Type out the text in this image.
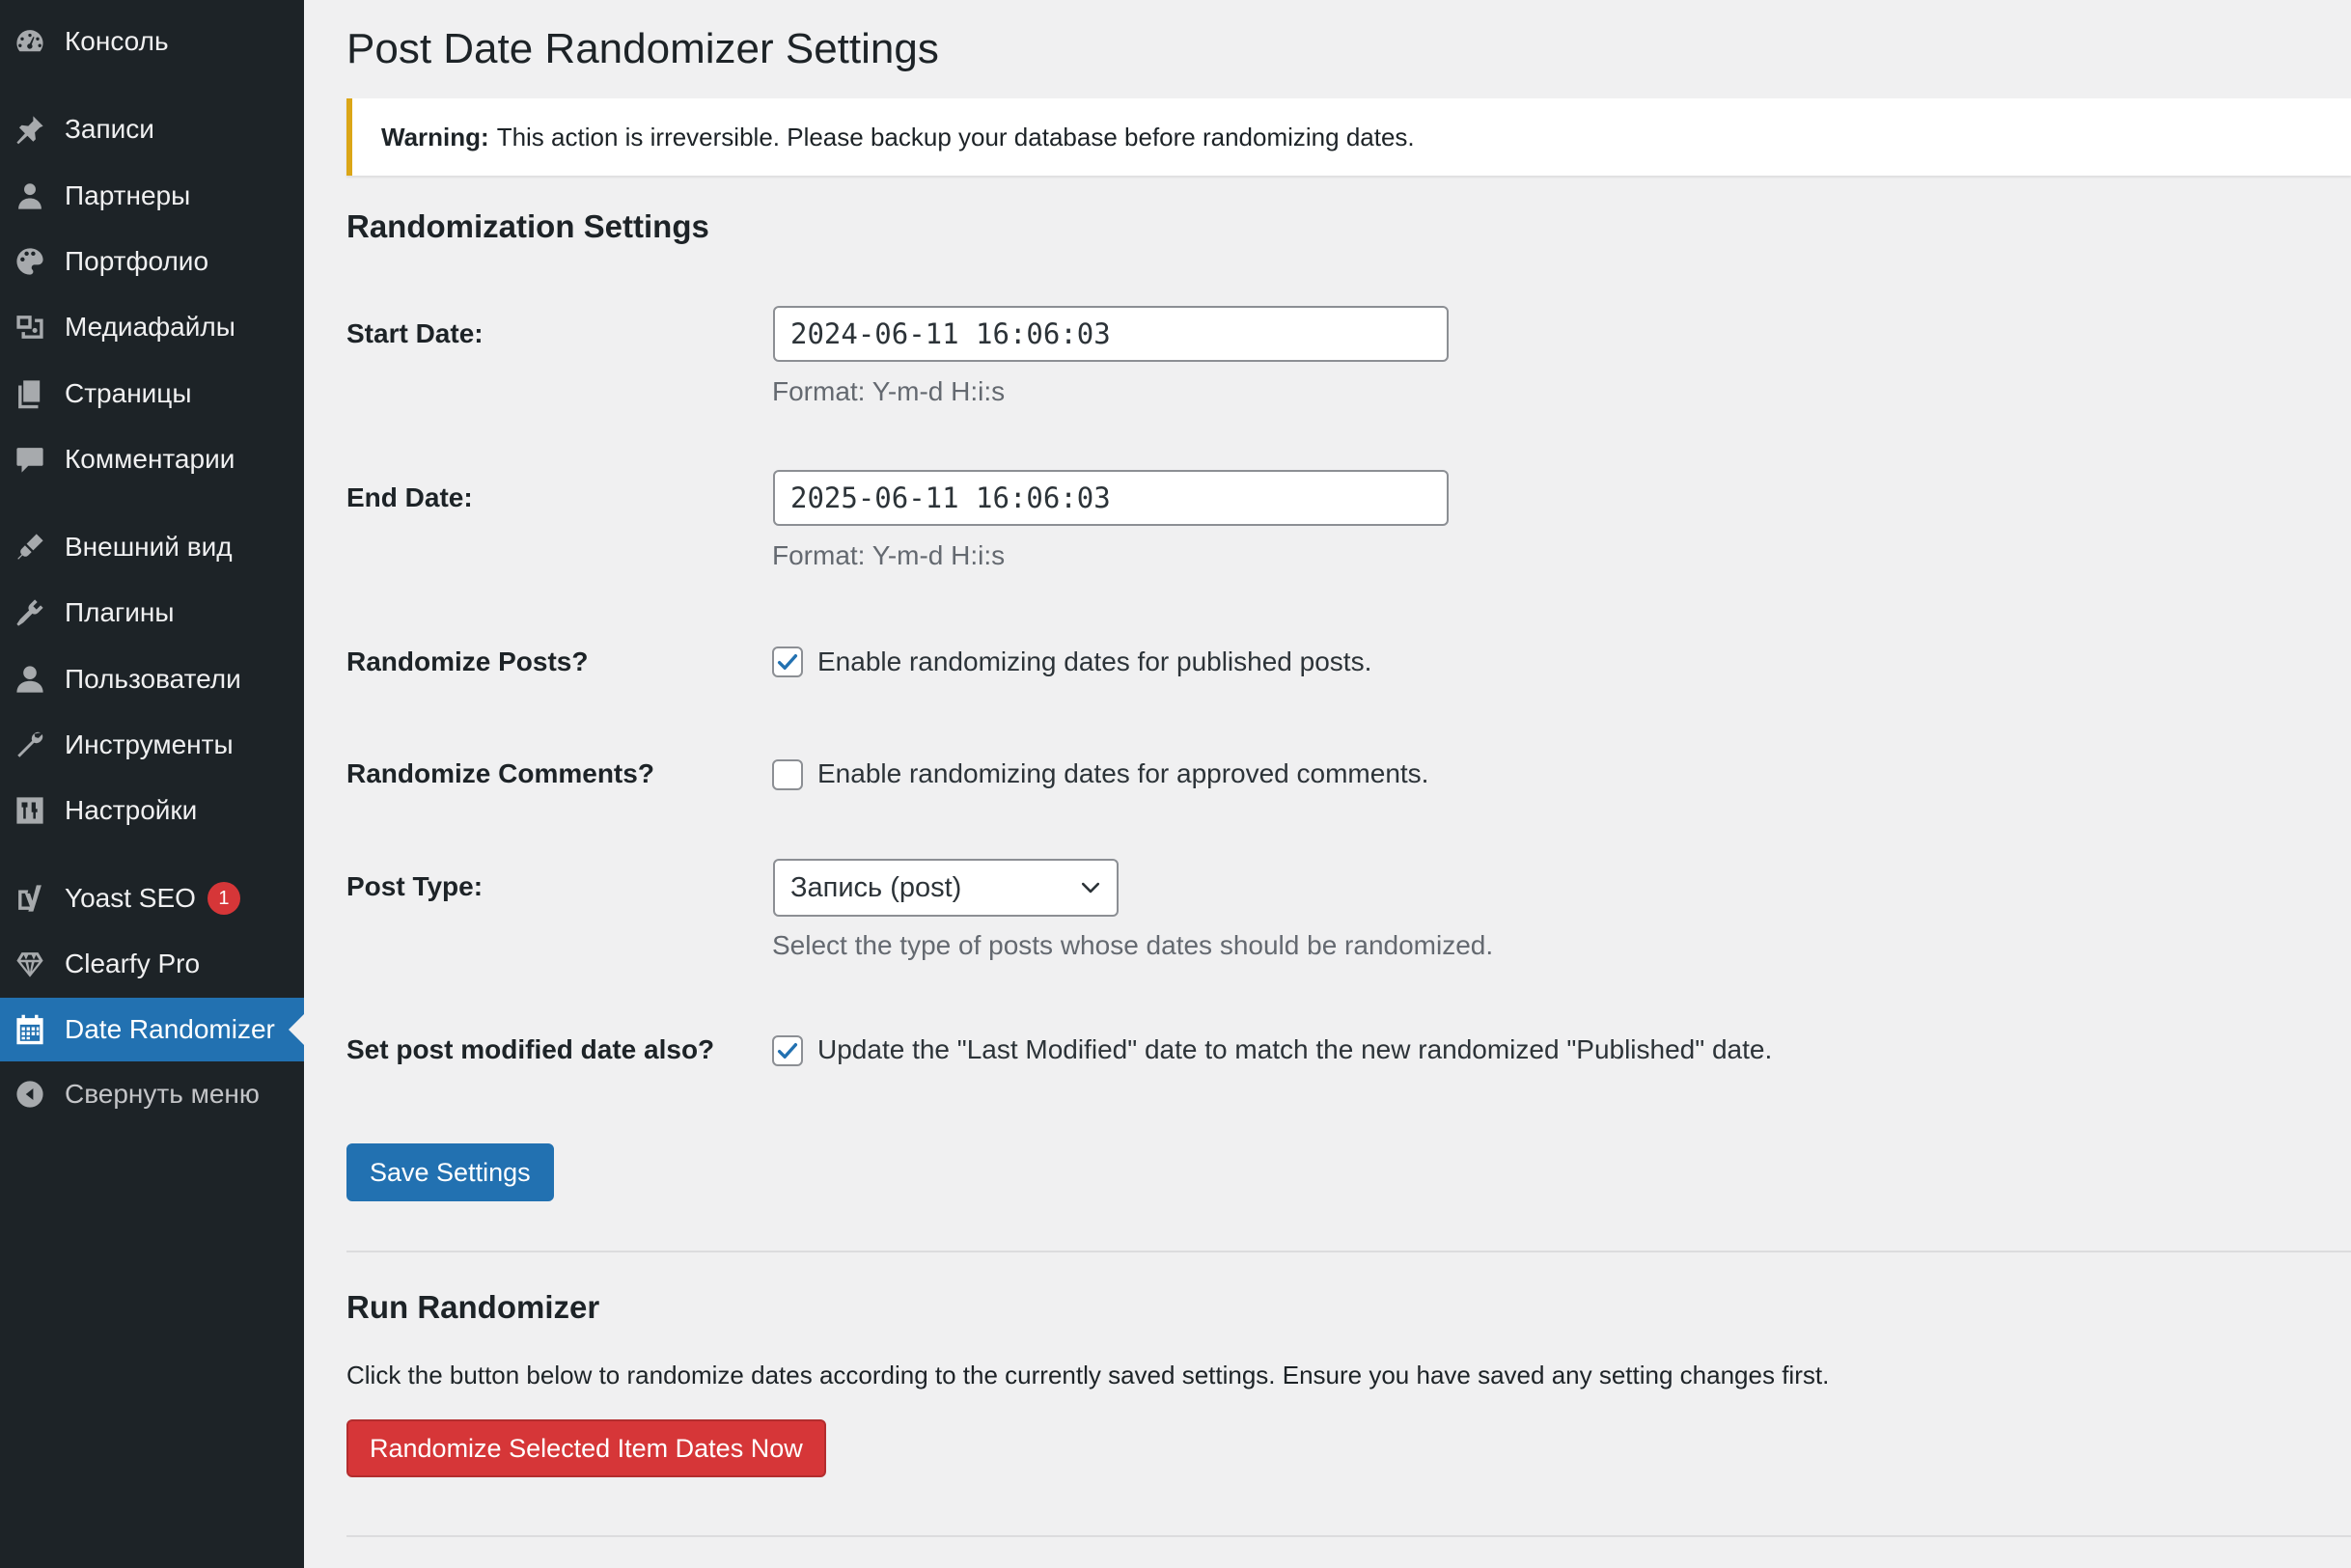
Консоль
Записи
Партнеры
Портфолио
Медиафайлы
Страницы
Комментарии
Внешний вид
Плагины
Пользователи
Инструменты
Настройки
Yoast SEO	1
Clearfy Pro
Date Randomizer
Свернуть меню
Post Date Randomizer Settings
Warning: This action is irreversible. Please backup your database before randomizing dates.
Randomization Settings
Start Date:
2024-06-11 16:06:03
Format: Y-m-d H:i:s
End Date:
2025-06-11 16:06:03
Format: Y-m-d H:i:s
Randomize Posts?	Enable randomizing dates for published posts.
Randomize Comments?	Enable randomizing dates for approved comments.
Post Type:	Запись (post)
Select the type of posts whose dates should be randomized.
Set post modified date also?	Update the "Last Modified" date to match the new randomized "Published" date.
Save Settings
Run Randomizer
Click the button below to randomize dates according to the currently saved settings. Ensure you have saved any setting changes first.
Randomize Selected Item Dates Now
